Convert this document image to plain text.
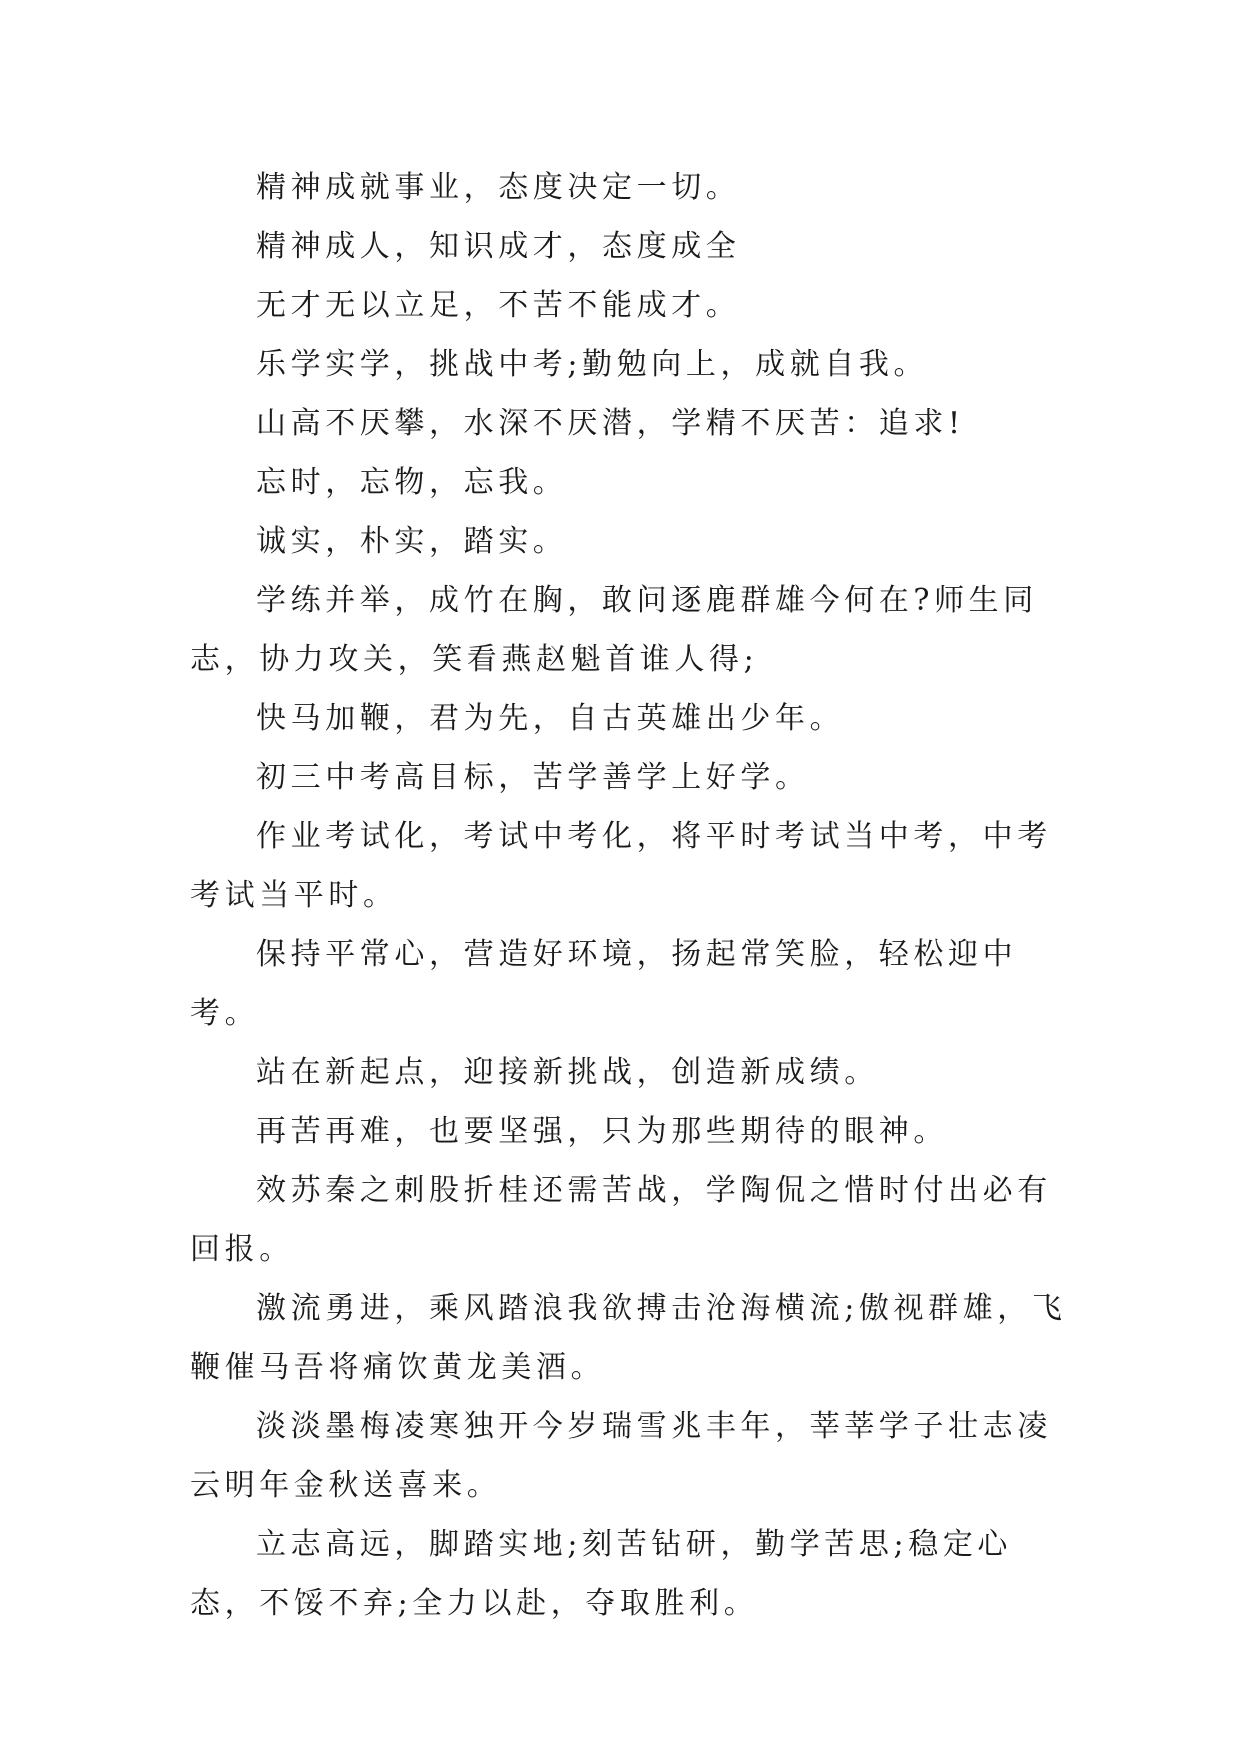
精神成就事业，态度决定一切。

精神成人，知识成才，态度成全

无才无以立足，不苦不能成才。

乐学实学，挑战中考;勤勉向上，成就自我。

山高不厌攀，水深不厌潜，学精不厌苦：追求!

忘时，忘物，忘我。

诚实，朴实，踏实。

学练并举，成竹在胸，敢问逐鹿群雄今何在?师生同志，协力攻关，笑看燕赵魁首谁人得;

快马加鞭，君为先，自古英雄出少年。

初三中考高目标，苦学善学上好学。

作业考试化，考试中考化，将平时考试当中考，中考考试当平时。

保持平常心，营造好环境，扬起常笑脸，轻松迎中考。

站在新起点，迎接新挑战，创造新成绩。

再苦再难，也要坚强，只为那些期待的眼神。

效苏秦之刺股折桂还需苦战，学陶侃之惜时付出必有回报。

激流勇进，乘风踏浪我欲搏击沧海横流;傲视群雄，飞鞭催马吾将痛饮黄龙美酒。

淡淡墨梅凌寒独开今岁瑞雪兆丰年，莘莘学子壮志凌云明年金秋送喜来。

立志高远，脚踏实地;刻苦钻研，勤学苦思;稳定心态，不馁不弃;全力以赴，夺取胜利。
